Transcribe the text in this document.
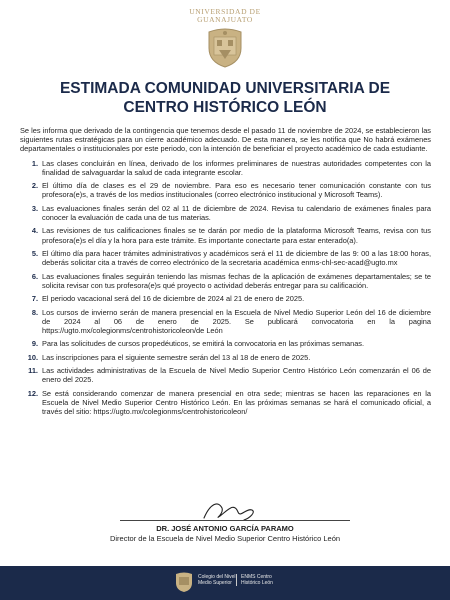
UNIVERSIDAD DE
GUANAJUATO
ESTIMADA COMUNIDAD UNIVERSITARIA DE
CENTRO HISTÓRICO LEÓN

Se les informa que derivado de la contingencia que tenemos desde el pasado 11 de noviembre de 2024, se establecieron las siguientes rutas estratégicas para un cierre académico adecuado. De esta manera, se les notifica que No habrá exámenes departamentales o institucionales por este periodo, con la intención de beneficiar el proyecto académico de cada estudiante.

1. Las clases concluirán en línea, derivado de los informes preliminares de nuestras autoridades competentes con la finalidad de salvaguardar la salud de cada integrante escolar.
2. El último día de clases es el 29 de noviembre. Para eso es necesario tener comunicación constante con tus profesora(e)s, a través de los medios institucionales (correo electrónico institucional y Microsoft Teams).
3. Las evaluaciones finales serán del 02 al 11 de diciembre de 2024. Revisa tu calendario de exámenes finales para conocer la evaluación de cada una de tus materias.
4. Las revisiones de tus calificaciones finales se te darán por medio de la plataforma Microsoft Teams, revisa con tus profesora(e)s el día y la hora para este trámite. Es importante conectarte para estar enterado(a).
5. El último día para hacer trámites administrativos y académicos será el 11 de diciembre de las 9: 00 a las 18:00 horas, deberás solicitar cita a través de correo electrónico de la secretaria académica enms-chl-sec-acad@ugto.mx
6. Las evaluaciones finales seguirán teniendo las mismas fechas de la aplicación de exámenes departamentales; se te solicita revisar con tus profesora(e)s qué proyecto o actividad deberás entregar para su calificación.
7. El periodo vacacional será del 16 de diciembre de 2024 al 21 de enero de 2025.
8. Los cursos de invierno serán de manera presencial en la Escuela de Nivel Medio Superior León del 16 de diciembre de 2024 al 06 de enero de 2025. Se publicará convocatoria en la pagina https://ugto.mx/colegionms/centrohistoricoleon/de León
9. Para las solicitudes de cursos propedéuticos, se emitirá la convocatoria en las próximas semanas.
10. Las inscripciones para el siguiente semestre serán del 13 al 18 de enero de 2025.
11. Las actividades administrativas de la Escuela de Nivel Medio Superior Centro Histórico León comenzarán el 06 de enero del 2025.
12. Se está considerando comenzar de manera presencial en otra sede; mientras se hacen las reparaciones en la Escuela de Nivel Medio Superior Centro Histórico León. En las próximas semanas se hará el comunicado oficial, a través del sitio: https://ugto.mx/colegionms/centrohistoricoleon/
DR. JOSÉ ANTONIO GARCÍA PARAMO
Director de la Escuela de Nivel Medio Superior Centro Histórico León
Colegio del Nivel
Medio Superior
ENMS Centro
Histórico León
